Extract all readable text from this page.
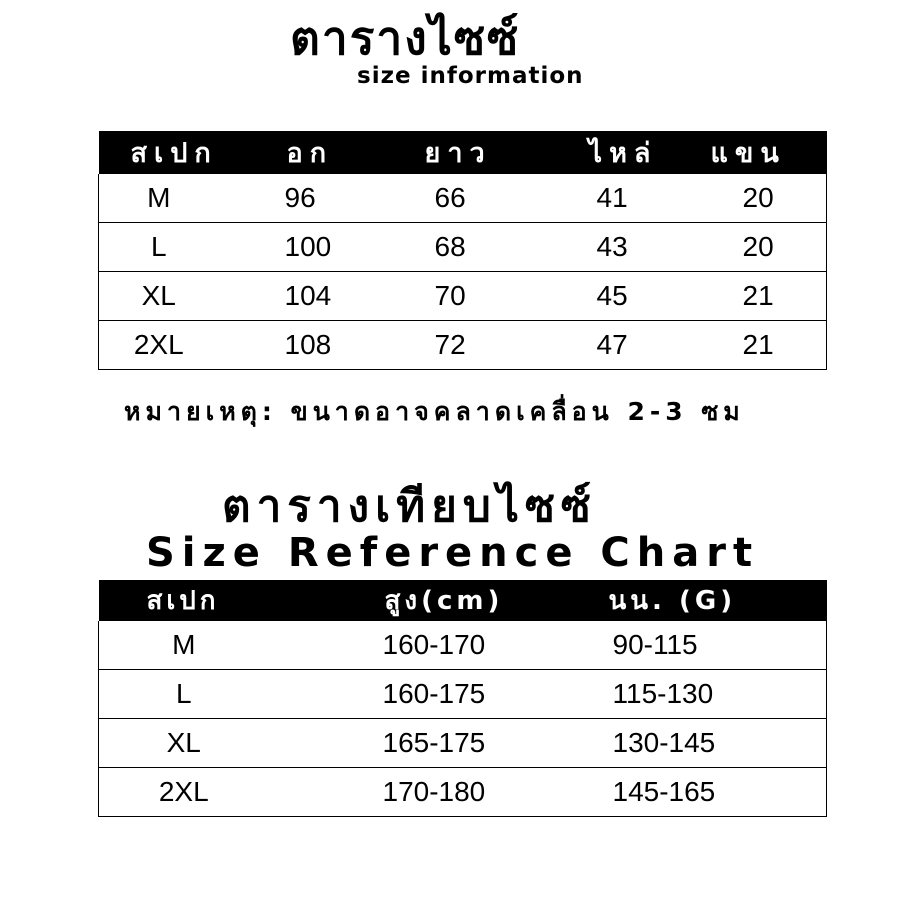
ตารางไซซ์
size information
สเปก	อก	ยาว	ไหล่	แขน
M	96	66	41	20
L	100	68	43	20
XL	104	70	45	21
2XL	108	72	47	21
หมายเหตุ: ขนาดอาจคลาดเคลื่อน 2-3 ซม
ตารางเทียบไซซ์
Size Reference Chart
สเปก	สูง(cm)	นน. (G)
M	160-170	90-115
L	160-175	115-130
XL	165-175	130-145
2XL	170-180	145-165
